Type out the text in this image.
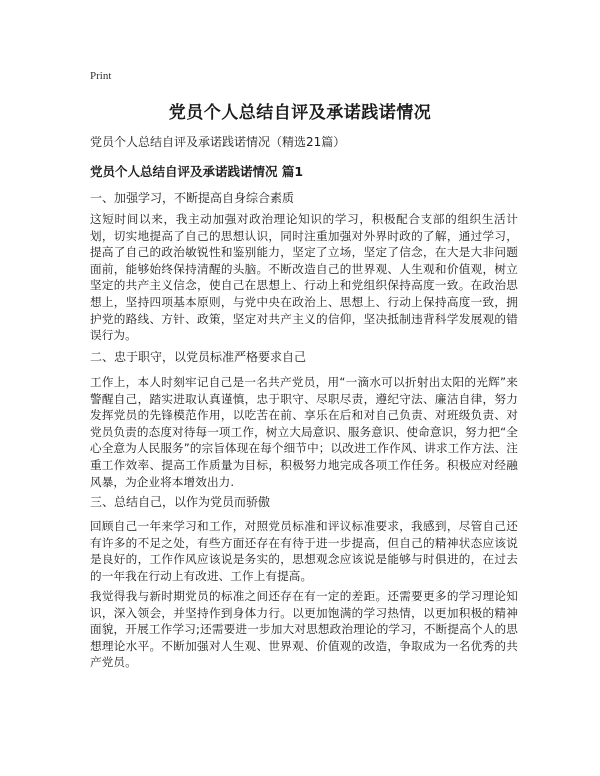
Print
党员个人总结自评及承诺践诺情况
党员个人总结自评及承诺践诺情况（精选21篇）
党员个人总结自评及承诺践诺情况 篇1
一、加强学习，不断提高自身综合素质
这短时间以来，我主动加强对政治理论知识的学习，积极配合支部的组织生活计划，切实地提高了自己的思想认识，同时注重加强对外界时政的了解，通过学习，提高了自己的政治敏锐性和鉴别能力，坚定了立场，坚定了信念，在大是大非问题面前，能够始终保持清醒的头脑。不断改造自己的世界观、人生观和价值观，树立坚定的共产主义信念，使自己在思想上、行动上和党组织保持高度一致。在政治思想上，坚持四项基本原则，与党中央在政治上、思想上、行动上保持高度一致，拥护党的路线、方针、政策，坚定对共产主义的信仰，坚决抵制违背科学发展观的错误行为。
二、忠于职守，以党员标准严格要求自己
工作上，本人时刻牢记自己是一名共产党员，用“一滴水可以折射出太阳的光辉”来警醒自己，踏实进取认真谨慎，忠于职守、尽职尽责，遵纪守法、廉洁自律，努力发挥党员的先锋模范作用，以吃苦在前、享乐在后和对自己负责、对班级负责、对党员负责的态度对待每一项工作，树立大局意识、服务意识、使命意识，努力把“全心全意为人民服务”的宗旨体现在每个细节中；以改进工作作风、讲求工作方法、注重工作效率、提高工作质量为目标，积极努力地完成各项工作任务。积极应对经融风暴，为企业将本增效出力.
三、总结自己，以作为党员而骄傲
回顾自己一年来学习和工作，对照党员标准和评议标准要求，我感到，尽管自己还有许多的不足之处，有些方面还存在有待于进一步提高，但自己的精神状态应该说是良好的，工作作风应该说是务实的，思想观念应该说是能够与时俱进的，在过去的一年我在行动上有改进、工作上有提高。
我觉得我与新时期党员的标准之间还存在有一定的差距。还需要更多的学习理论知识，深入领会，并坚持作到身体力行。以更加饱满的学习热情，以更加积极的精神面貌，开展工作学习;还需要进一步加大对思想政治理论的学习，不断提高个人的思想理论水平。不断加强对人生观、世界观、价值观的改造，争取成为一名优秀的共产党员。
